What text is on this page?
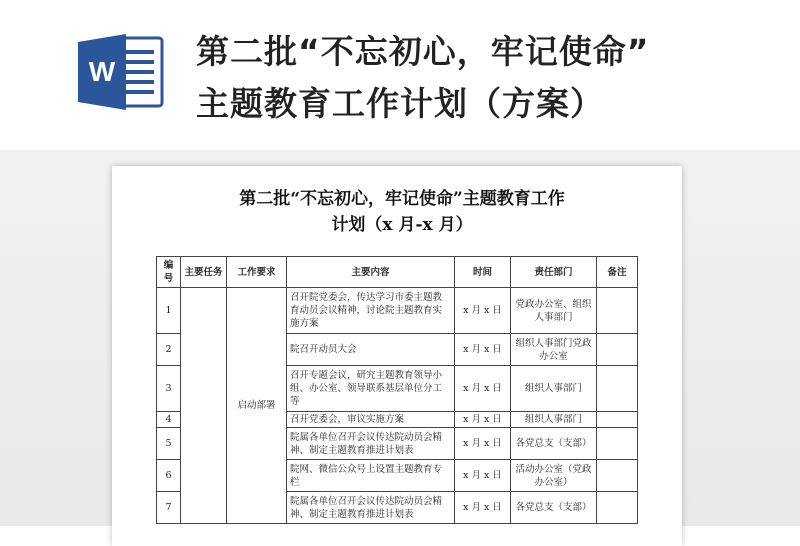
W
第二批“不忘初心，牢记使命”
主题教育工作计划（方案）
第二批“不忘初心，牢记使命”主题教育工作
计划（x 月-x 月）
编号	主要任务	工作要求	主要内容	时间	责任部门	备注
1		启动部署	召开院党委会，传达学习市委主题教育动员会议精神，讨论院主题教育实施方案	x 月 x 日	党政办公室、组织人事部门	
2			院召开动员大会	x 月 x 日	组织人事部门党政办公室	
3			召开专题会议，研究主题教育领导小组、办公室、领导联系基层单位分工等	x 月 x 日	组织人事部门	
4			召开党委会，审议实施方案	x 月 x 日	组织人事部门	
5			院属各单位召开会议传达院动员会精神、制定主题教育推进计划表	x 月 x 日	各党总支（支部）	
6			院网、微信公众号上设置主题教育专栏	x 月 x 日	活动办公室（党政办公室）	
7			院属各单位召开会议传达院动员会精神、制定主题教育推进计划表	x 月 x 日	各党总支（支部）	
